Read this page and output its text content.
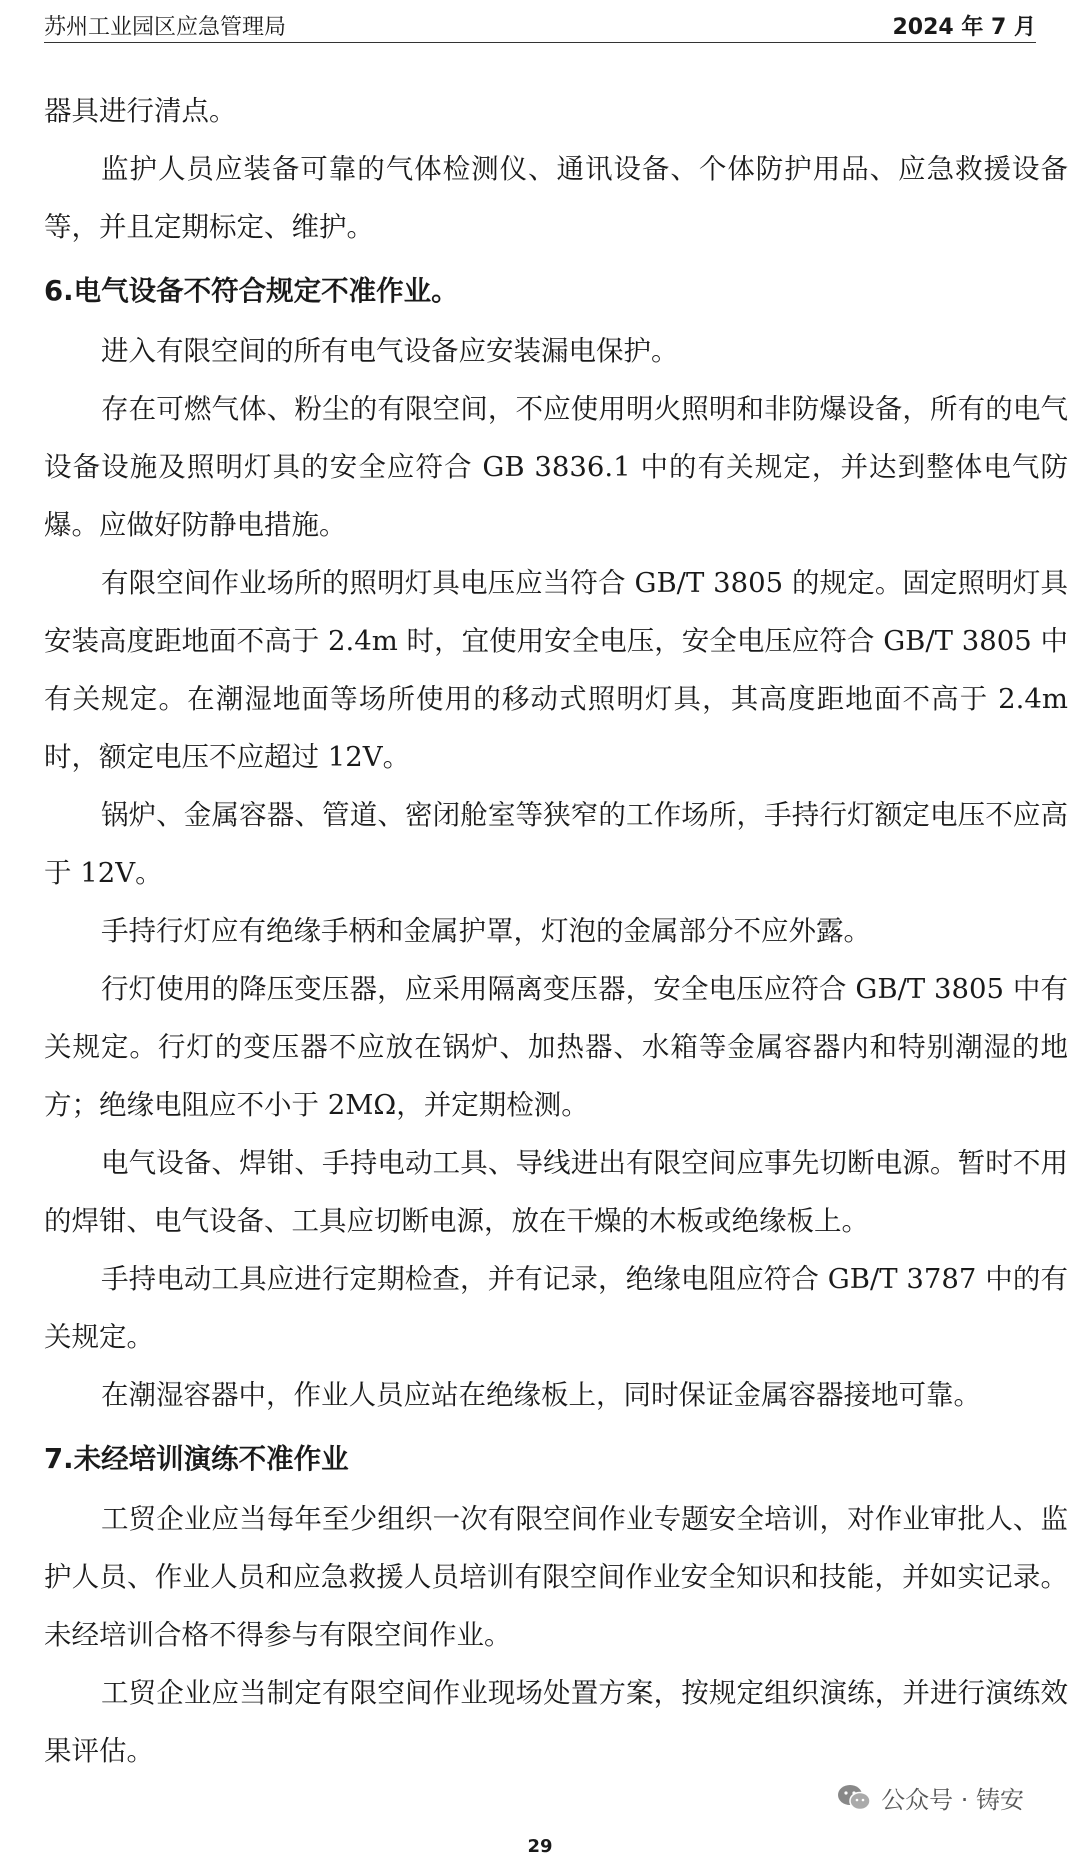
苏州工业园区应急管理局	2024 年 7 月

器具进行清点。

监护人员应装备可靠的气体检测仪、通讯设备、个体防护用品、应急救援设备等，并且定期标定、维护。

6.电气设备不符合规定不准作业。

进入有限空间的所有电气设备应安装漏电保护。

存在可燃气体、粉尘的有限空间，不应使用明火照明和非防爆设备，所有的电气设备设施及照明灯具的安全应符合 GB 3836.1 中的有关规定，并达到整体电气防爆。应做好防静电措施。

有限空间作业场所的照明灯具电压应当符合 GB/T 3805 的规定。固定照明灯具安装高度距地面不高于 2.4m 时，宜使用安全电压，安全电压应符合 GB/T 3805 中有关规定。在潮湿地面等场所使用的移动式照明灯具，其高度距地面不高于 2.4m 时，额定电压不应超过 12V。

锅炉、金属容器、管道、密闭舱室等狭窄的工作场所，手持行灯额定电压不应高于 12V。

手持行灯应有绝缘手柄和金属护罩，灯泡的金属部分不应外露。

行灯使用的降压变压器，应采用隔离变压器，安全电压应符合 GB/T 3805 中有关规定。行灯的变压器不应放在锅炉、加热器、水箱等金属容器内和特别潮湿的地方；绝缘电阻应不小于 2MΩ，并定期检测。

电气设备、焊钳、手持电动工具、导线进出有限空间应事先切断电源。暂时不用的焊钳、电气设备、工具应切断电源，放在干燥的木板或绝缘板上。

手持电动工具应进行定期检查，并有记录，绝缘电阻应符合 GB/T 3787 中的有关规定。

在潮湿容器中，作业人员应站在绝缘板上，同时保证金属容器接地可靠。

7.未经培训演练不准作业

工贸企业应当每年至少组织一次有限空间作业专题安全培训，对作业审批人、监护人员、作业人员和应急救援人员培训有限空间作业安全知识和技能，并如实记录。未经培训合格不得参与有限空间作业。

工贸企业应当制定有限空间作业现场处置方案，按规定组织演练，并进行演练效果评估。

公众号 · 铸安
29
